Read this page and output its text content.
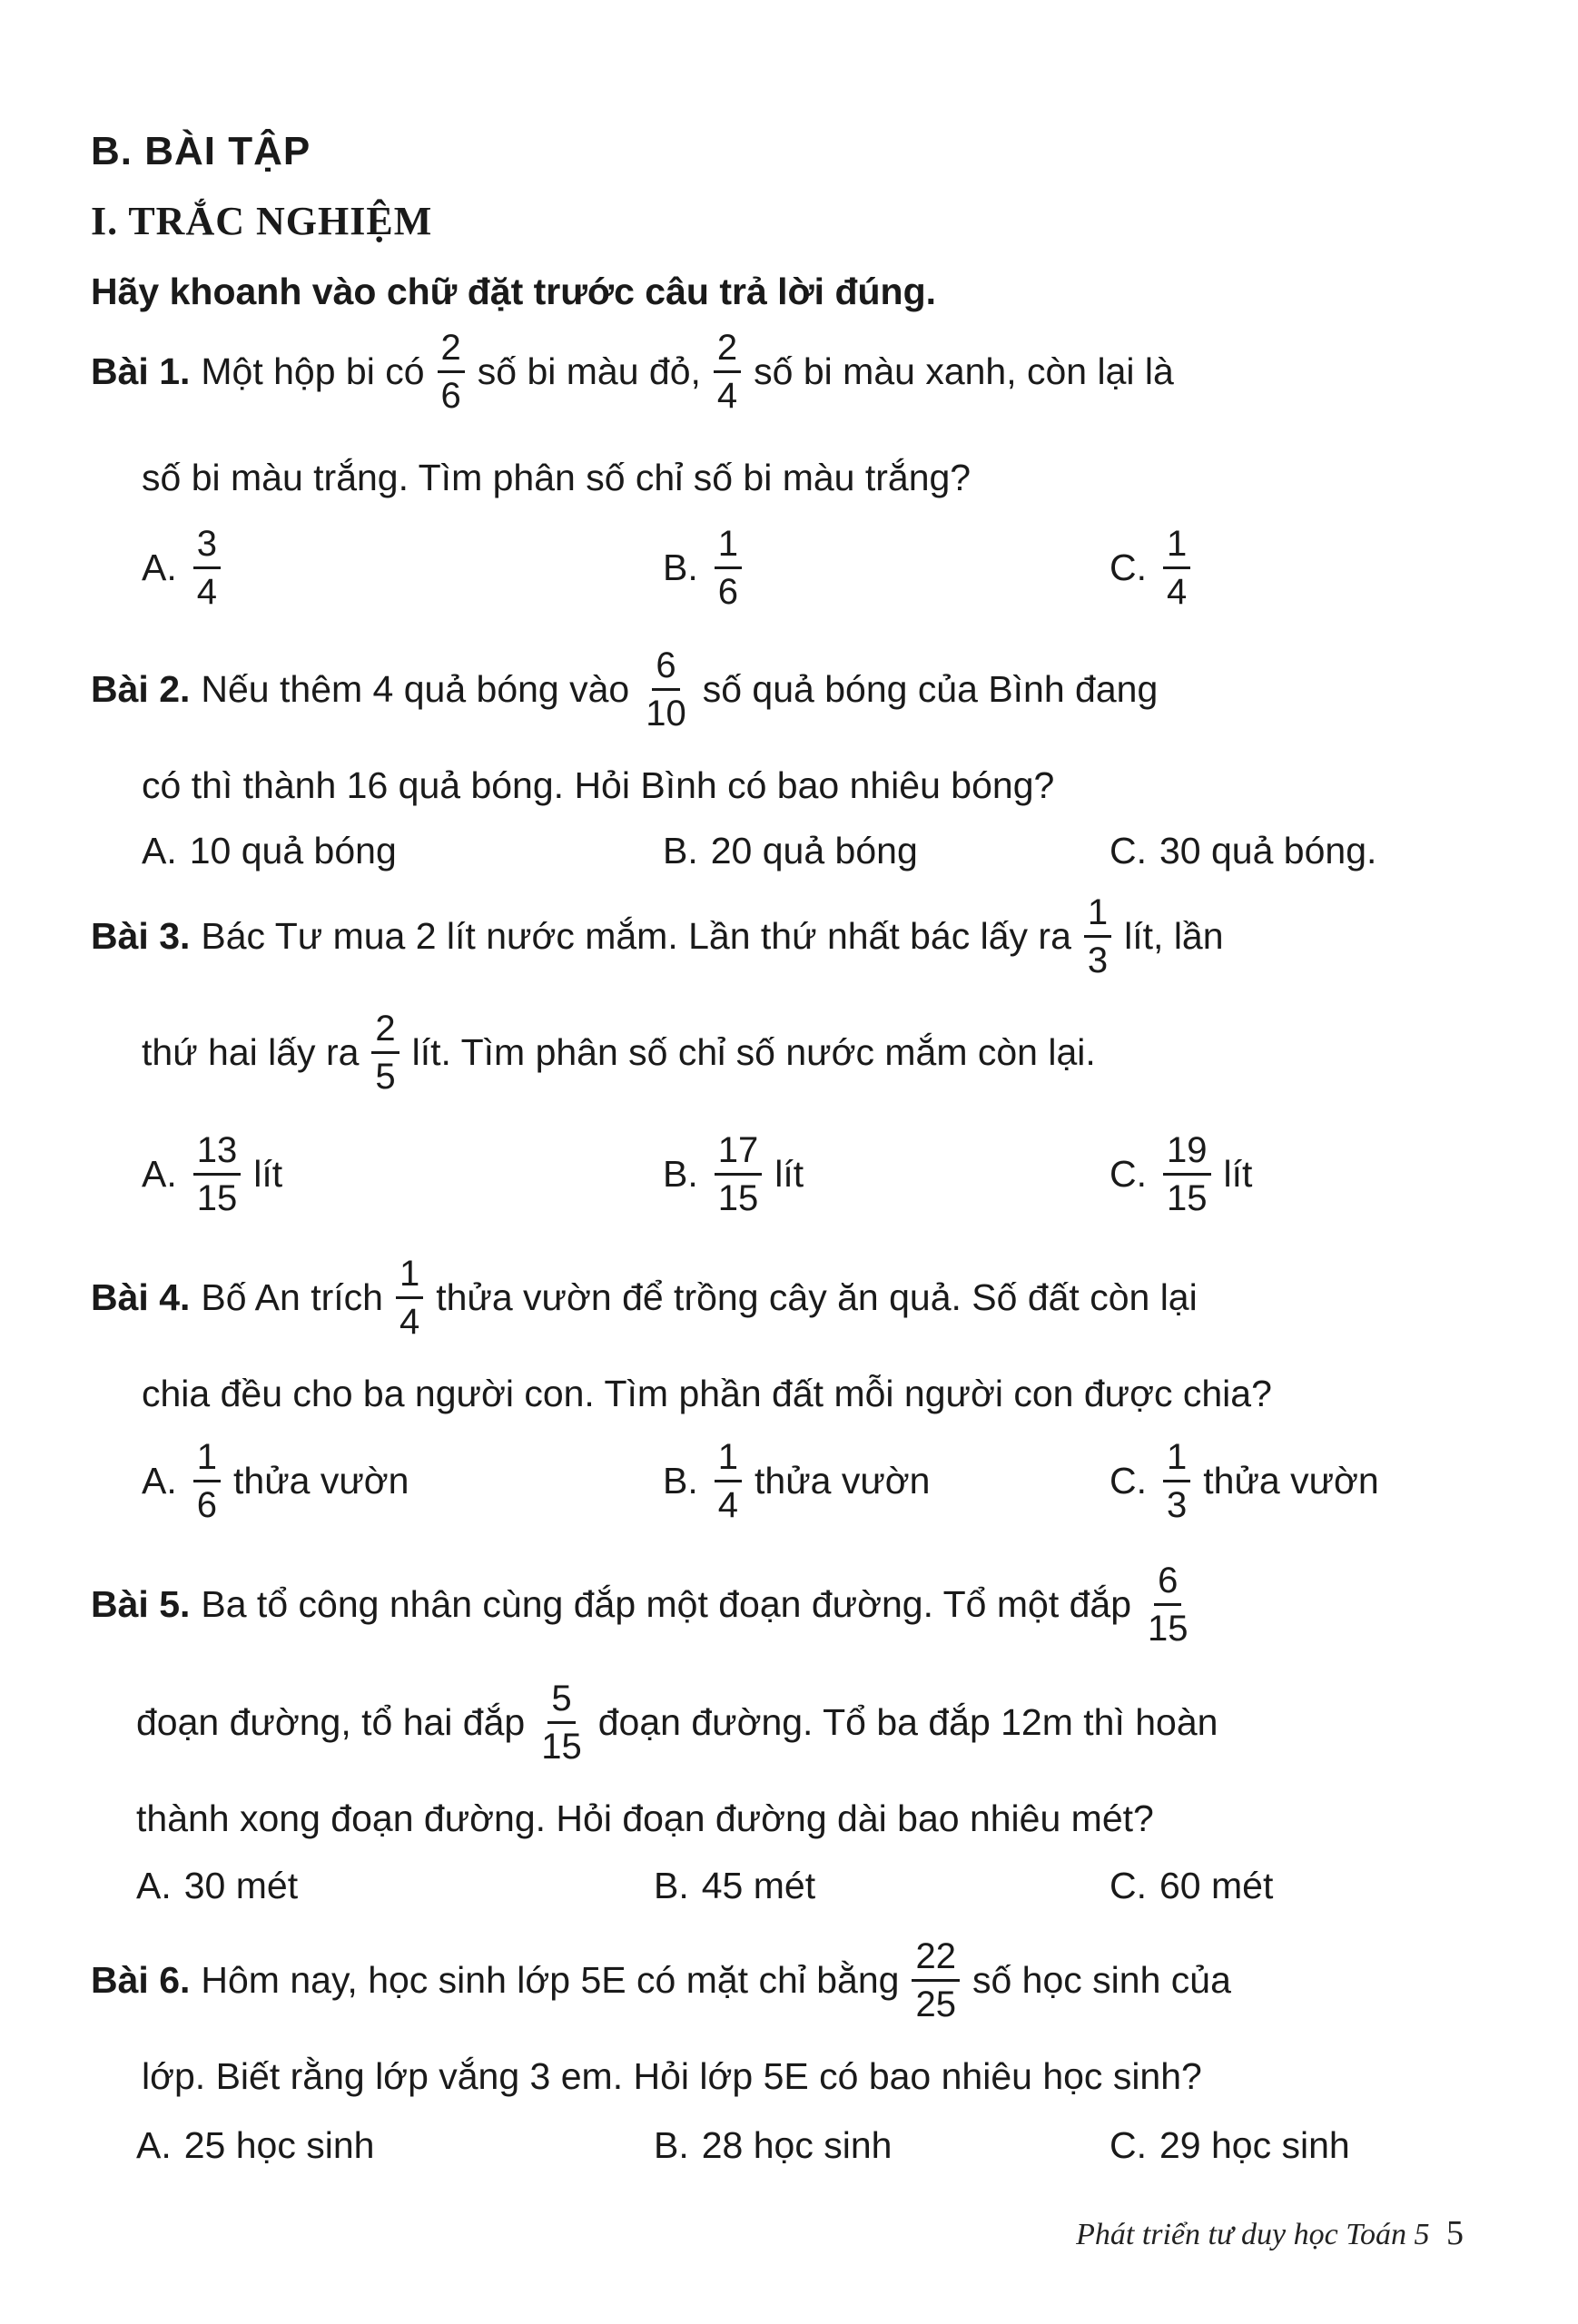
B. BÀI TẬP
I. TRẮC NGHIỆM
Hãy khoanh vào chữ đặt trước câu trả lời đúng.
Bài 1. Một hộp bi có $\frac{2}{6}$ số bi màu đỏ, $\frac{2}{4}$ số bi màu xanh, còn lại là
số bi màu trắng. Tìm phân số chỉ số bi màu trắng?
A. $\frac{3}{4}$	B. $\frac{1}{6}$	C. $\frac{1}{4}$
Bài 2. Nếu thêm 4 quả bóng vào $\frac{6}{10}$ số quả bóng của Bình đang
có thì thành 16 quả bóng. Hỏi Bình có bao nhiêu bóng?
A. 10 quả bóng	B. 20 quả bóng	C. 30 quả bóng.
Bài 3. Bác Tư mua 2 lít nước mắm. Lần thứ nhất bác lấy ra $\frac{1}{3}$ lít, lần
thứ hai lấy ra $\frac{2}{5}$ lít. Tìm phân số chỉ số nước mắm còn lại.
A. $\frac{13}{15}$ lít	B. $\frac{17}{15}$ lít	C. $\frac{19}{15}$ lít
Bài 4. Bố An trích $\frac{1}{4}$ thửa vườn để trồng cây ăn quả. Số đất còn lại
chia đều cho ba người con. Tìm phần đất mỗi người con được chia?
A. $\frac{1}{6}$ thửa vườn	B. $\frac{1}{4}$ thửa vườn	C. $\frac{1}{3}$ thửa vườn
Bài 5. Ba tổ công nhân cùng đắp một đoạn đường. Tổ một đắp $\frac{6}{15}$
đoạn đường, tổ hai đắp $\frac{5}{15}$ đoạn đường. Tổ ba đắp 12m thì hoàn
thành xong đoạn đường. Hỏi đoạn đường dài bao nhiêu mét?
A. 30 mét	B. 45 mét	C. 60 mét
Bài 6. Hôm nay, học sinh lớp 5E có mặt chỉ bằng $\frac{22}{25}$ số học sinh của
lớp. Biết rằng lớp vắng 3 em. Hỏi lớp 5E có bao nhiêu học sinh?
A. 25 học sinh	B. 28 học sinh	C. 29 học sinh
Phát triển tư duy học Toán 5 5
